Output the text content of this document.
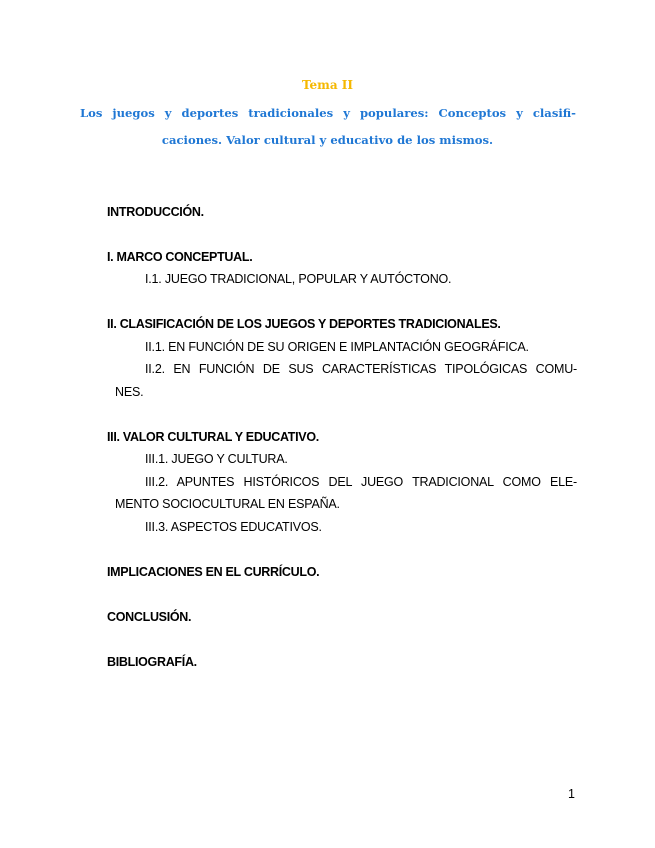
Tema II
Los juegos y deportes tradicionales y populares: Conceptos y clasifi-
caciones. Valor cultural y educativo de los mismos.
INTRODUCCIÓN.
I. MARCO CONCEPTUAL.
I.1. JUEGO TRADICIONAL, POPULAR Y AUTÓCTONO.
II. CLASIFICACIÓN DE LOS JUEGOS Y DEPORTES TRADICIONALES.
II.1. EN FUNCIÓN DE SU ORIGEN E IMPLANTACIÓN GEOGRÁFICA.
II.2. EN FUNCIÓN DE SUS CARACTERÍSTICAS TIPOLÓGICAS COMU-
NES.
III. VALOR CULTURAL Y EDUCATIVO.
III.1. JUEGO Y CULTURA.
III.2. APUNTES HISTÓRICOS DEL JUEGO TRADICIONAL COMO ELE-
MENTO SOCIOCULTURAL EN ESPAÑA.
III.3. ASPECTOS EDUCATIVOS.
IMPLICACIONES EN EL CURRÍCULO.
CONCLUSIÓN.
BIBLIOGRAFÍA.
1
